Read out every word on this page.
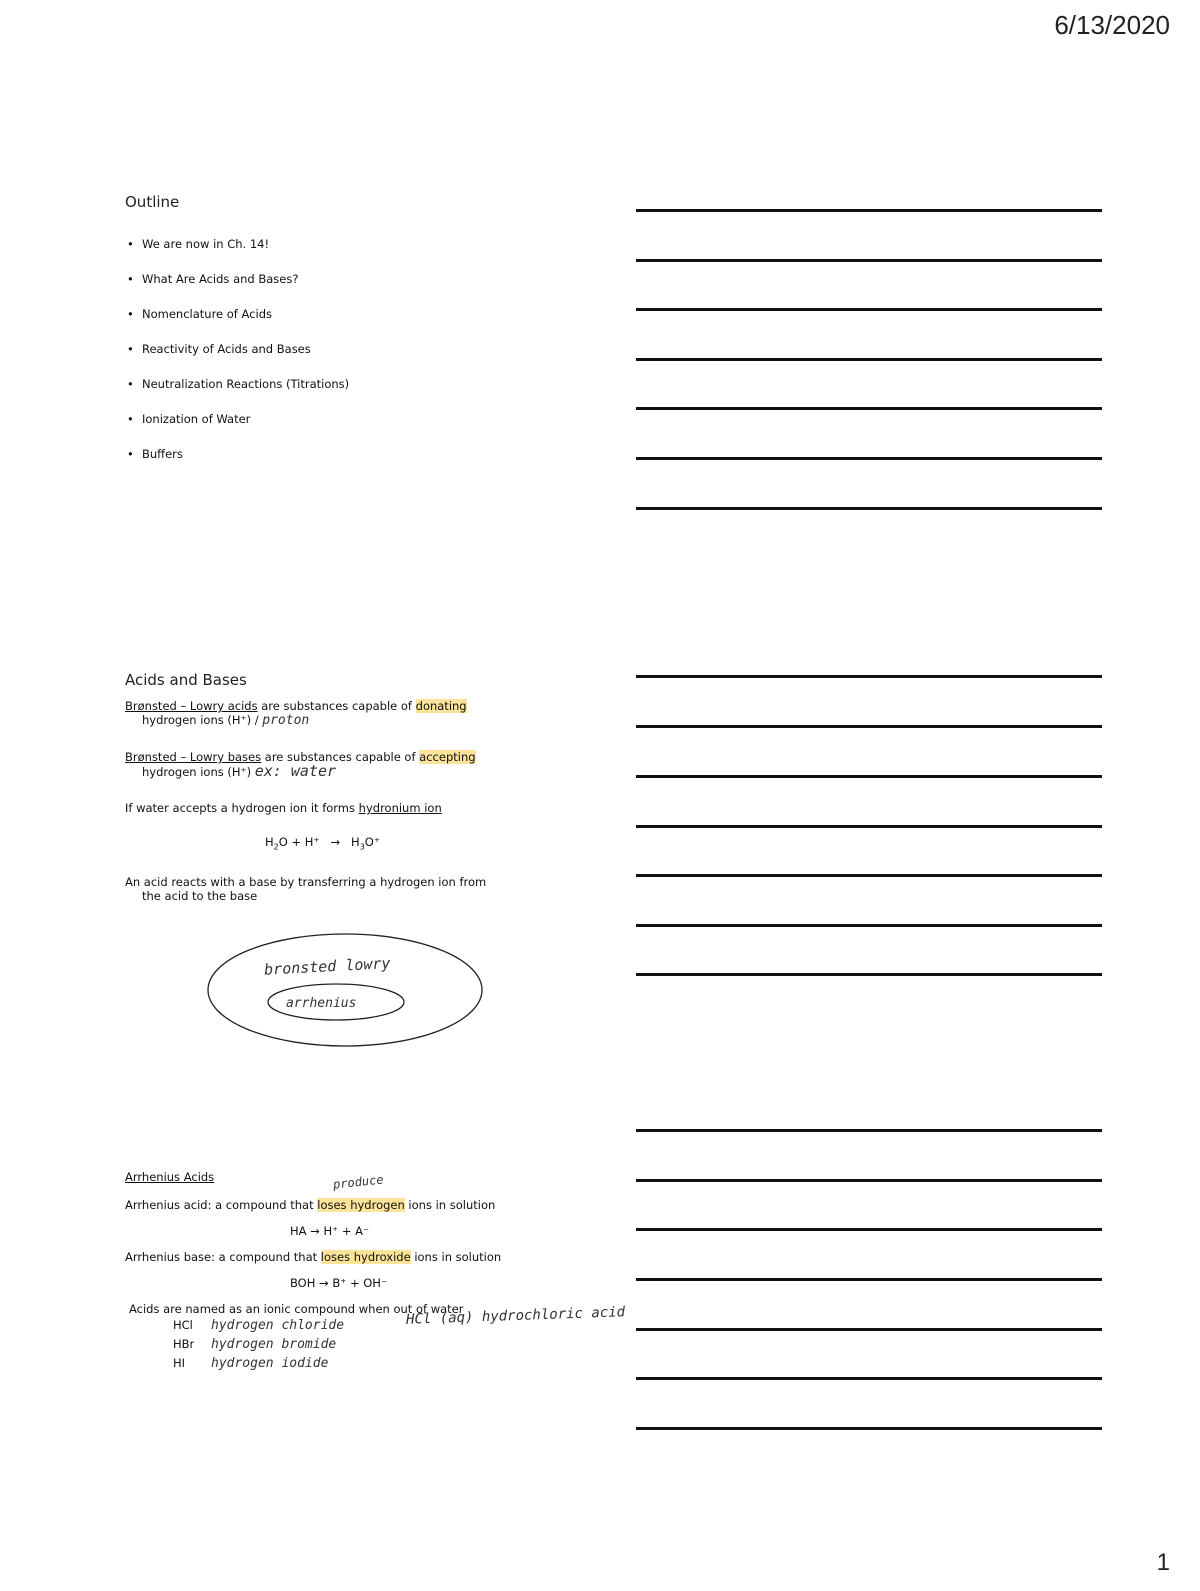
6/13/2020
1
Outline
• We are now in Ch. 14!
• What Are Acids and Bases?
• Nomenclature of Acids
• Reactivity of Acids and Bases
• Neutralization Reactions (Titrations)
• Ionization of Water
• Buffers
Acids and Bases
Brønsted – Lowry acids are substances capable of donating
hydrogen ions (H⁺) / proton
Brønsted – Lowry bases are substances capable of accepting
hydrogen ions (H⁺) ex: water
If water accepts a hydrogen ion it forms hydronium ion
$H_2O + H^+ \to H_3O^+$
An acid reacts with a base by transferring a hydrogen ion from
the acid to the base
bronsted lowry
arrhenius
produce
Arrhenius Acids
Arrhenius acid: a compound that loses hydrogen ions in solution
HA → H⁺ + A⁻
Arrhenius base: a compound that loses hydroxide ions in solution
BOH → B⁺ + OH⁻
Acids are named as an ionic compound when out of water
HCl hydrogen chloride
HBr hydrogen bromide
HI hydrogen iodide
HCl (aq) hydrochloric acid
